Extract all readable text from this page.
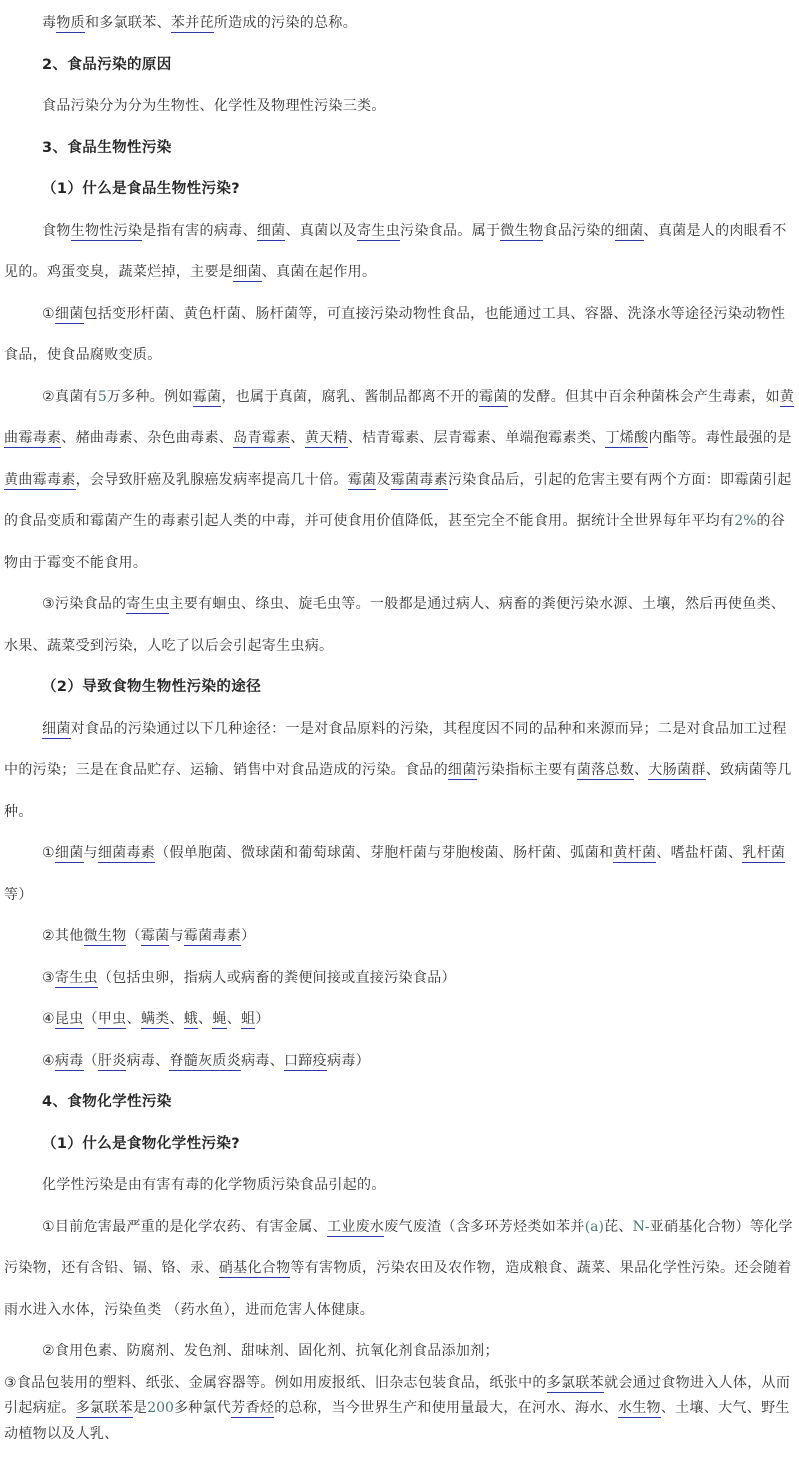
毒物质和多氯联苯、苯并芘所造成的污染的总称。

2、食品污染的原因

食品污染分为分为生物性、化学性及物理性污染三类。

3、食品生物性污染
（1）什么是食品生物性污染?

食物生物性污染是指有害的病毒、细菌、真菌以及寄生虫污染食品。属于微生物食品污染的细菌、真菌是人的肉眼看不见的。鸡蛋变臭，蔬菜烂掉，主要是细菌、真菌在起作用。

①细菌包括变形杆菌、黄色杆菌、肠杆菌等，可直接污染动物性食品，也能通过工具、容器、洗涤水等途径污染动物性食品，使食品腐败变质。

②真菌有5万多种。例如霉菌，也属于真菌，腐乳、酱制品都离不开的霉菌的发酵。但其中百余种菌株会产生毒素，如黄曲霉毒素、赭曲毒素、杂色曲毒素、岛青霉素、黄天精、桔青霉素、层青霉素、单端孢霉素类、丁烯酸内酯等。毒性最强的是黄曲霉毒素，会导致肝癌及乳腺癌发病率提高几十倍。霉菌及霉菌毒素污染食品后，引起的危害主要有两个方面：即霉菌引起的食品变质和霉菌产生的毒素引起人类的中毒，并可使食用价值降低，甚至完全不能食用。据统计全世界每年平均有2%的谷物由于霉变不能食用。

③污染食品的寄生虫主要有蛔虫、绦虫、旋毛虫等。一般都是通过病人、病畜的粪便污染水源、土壤，然后再使鱼类、水果、蔬菜受到污染，人吃了以后会引起寄生虫病。

（2）导致食物生物性污染的途径

细菌对食品的污染通过以下几种途径：一是对食品原料的污染，其程度因不同的品种和来源而异；二是对食品加工过程中的污染；三是在食品贮存、运输、销售中对食品造成的污染。食品的细菌污染指标主要有菌落总数、大肠菌群、致病菌等几种。

①细菌与细菌毒素（假单胞菌、微球菌和葡萄球菌、芽胞杆菌与芽胞梭菌、肠杆菌、弧菌和黄杆菌、嗜盐杆菌、乳杆菌等）

②其他微生物（霉菌与霉菌毒素）

③寄生虫（包括虫卵，指病人或病畜的粪便间接或直接污染食品）

④昆虫（甲虫、螨类、蛾、蝇、蛆）

④病毒（肝炎病毒、脊髓灰质炎病毒、口蹄疫病毒）

4、食物化学性污染
（1）什么是食物化学性污染?

化学性污染是由有害有毒的化学物质污染食品引起的。

①目前危害最严重的是化学农药、有害金属、工业废水废气废渣（含多环芳烃类如苯并(a)芘、N-亚硝基化合物）等化学污染物，还有含铅、镉、铬、汞、硝基化合物等有害物质，污染农田及农作物，造成粮食、蔬菜、果品化学性污染。还会随着雨水进入水体，污染鱼类 （药水鱼），进而危害人体健康。

②食用色素、防腐剂、发色剂、甜味剂、固化剂、抗氧化剂食品添加剂；

③食品包装用的塑料、纸张、金属容器等。例如用废报纸、旧杂志包装食品，纸张中的多氯联苯就会通过食物进入人体，从而引起病症。多氯联苯是200多种氯代芳香烃的总称，当今世界生产和使用量最大，在河水、海水、水生物、土壤、大气、野生动植物以及人乳、
